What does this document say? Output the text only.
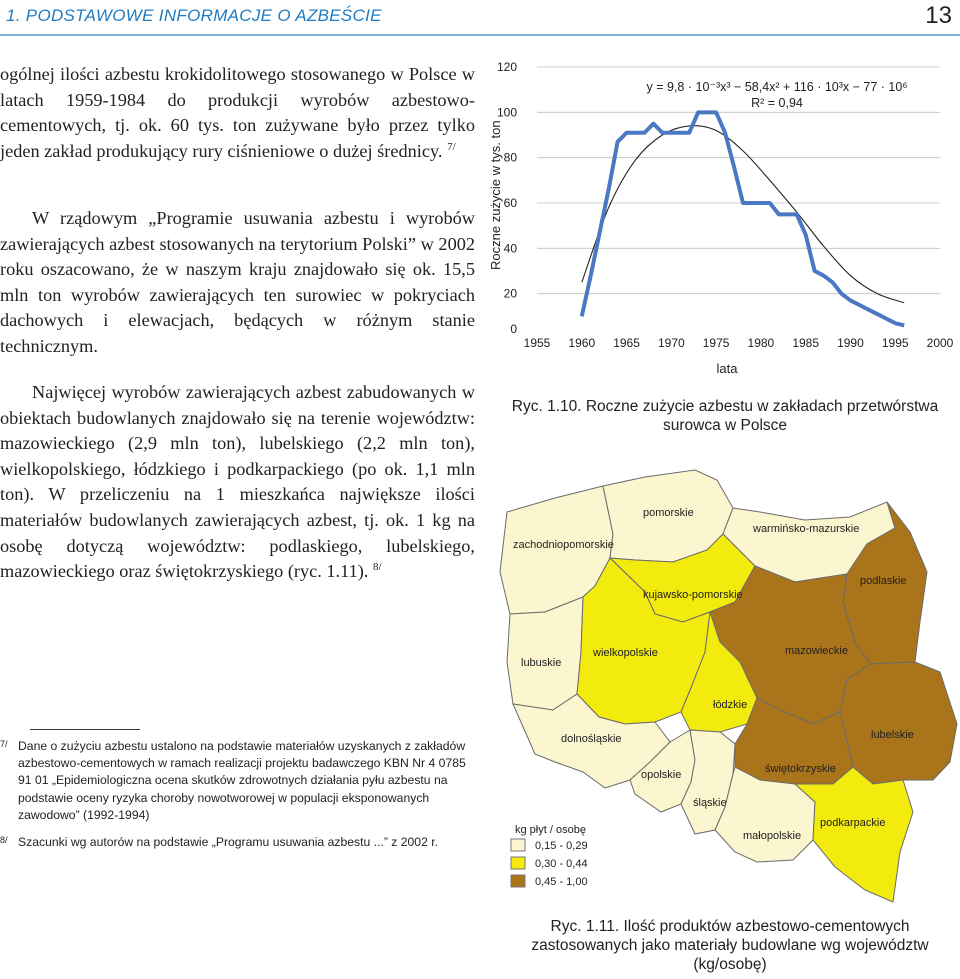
1. PODSTAWOWE INFORMACJE O AZBEŚCIE	13
ogólnej ilości azbestu krokidolitowego stosowanego w Polsce w latach 1959-1984 do produkcji wyrobów azbestowo-cementowych, tj. ok. 60 tys. ton zużywane było przez tylko jeden zakład produkujący rury ciśnieniowe o dużej średnicy. $^{7/}$
W rządowym „Programie usuwania azbestu i wyrobów zawierających azbest stosowanych na terytorium Polski” w 2002 roku oszacowano, że w naszym kraju znajdowało się ok. 15,5 mln ton wyrobów zawierających ten surowiec w pokryciach dachowych i elewacjach, będących w różnym stanie technicznym.
Najwięcej wyrobów zawierających azbest zabudowanych w obiektach budowlanych znajdowało się na terenie województw: mazowieckiego (2,9 mln ton), lubelskiego (2,2 mln ton), wielkopolskiego, łódzkiego i podkarpackiego (po ok. 1,1 mln ton). W przeliczeniu na 1 mieszkańca największe ilości materiałów budowlanych zawierających azbest, tj. ok. 1 kg na osobę dotyczą województw: podlaskiego, lubelskiego, mazowieckiego oraz świętokrzyskiego (ryc. 1.11). $^{8/}$
7/ Dane o zużyciu azbestu ustalono na podstawie materiałów uzyskanych z zakładów azbestowo-cementowych w ramach realizacji projektu badawczego KBN Nr 4 0785 91 01 „Epidemiologiczna ocena skutków zdrowotnych działania pyłu azbestu na podstawie oceny ryzyka choroby nowotworowej w populacji eksponowanych zawodowo” (1992-1994)
8/ Szacunki wg autorów na podstawie „Programu usuwania azbestu ...” z 2002 r.
0
20
40
60
80
100
120
1955 1960 1965 1970 1975 1980 1985 1990 1995 2000
Roczne zużycie w tys. ton
lata
y = 9,8 · 10⁻³x³ − 58,4x² + 116 · 10³x − 77 · 10⁶
R² = 0,94
Ryc. 1.10. Roczne zużycie azbestu w zakładach przetwórstwa surowca w Polsce
zachodniopomorskie
pomorskie
warmińsko-mazurskie
podlaskie
kujawsko-pomorskie
lubuskie
wielkopolskie	mazowieckie
łódzkie
dolnośląskie	lubelskie
opolskie
śląskie
świętokrzyskie
małopolskie
podkarpackie
kg płyt / osobę
0,15 - 0,29
0,30 - 0,44
0,45 - 1,00
Ryc. 1.11. Ilość produktów azbestowo-cementowych zastosowanych jako materiały budowlane wg województw (kg/osobę)
